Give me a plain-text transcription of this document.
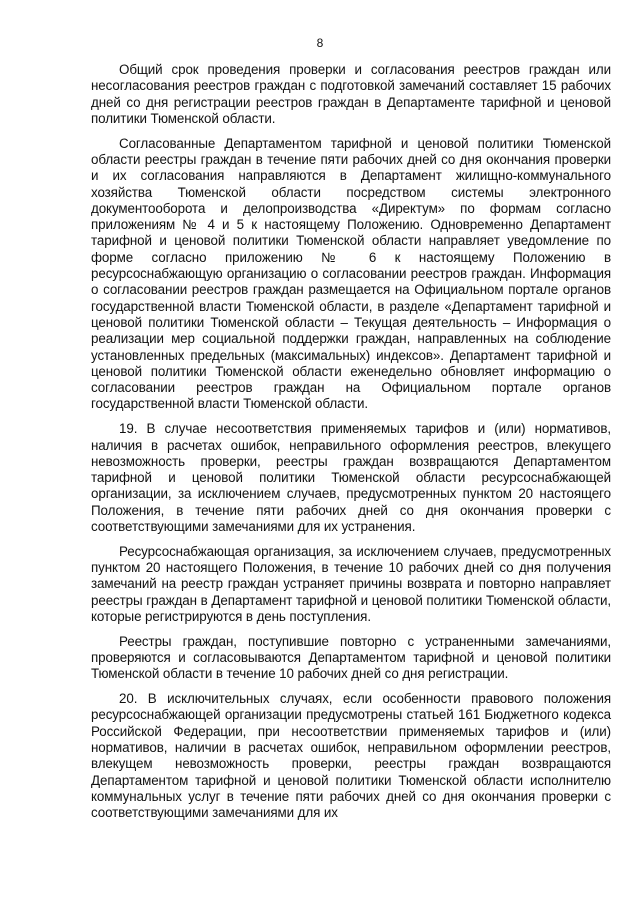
8

Общий срок проведения проверки и согласования реестров граждан или несогласования реестров граждан с подготовкой замечаний составляет 15 рабочих дней со дня регистрации реестров граждан в Департаменте тарифной и ценовой политики Тюменской области.

Согласованные Департаментом тарифной и ценовой политики Тюменской области реестры граждан в течение пяти рабочих дней со дня окончания проверки и их согласования направляются в Департамент жилищно-коммунального хозяйства Тюменской области посредством системы электронного документооборота и делопроизводства «Директум» по формам согласно приложениям № 4 и 5 к настоящему Положению. Одновременно Департамент тарифной и ценовой политики Тюменской области направляет уведомление по форме согласно приложению № 6 к настоящему Положению в ресурсоснабжающую организацию о согласовании реестров граждан. Информация о согласовании реестров граждан размещается на Официальном портале органов государственной власти Тюменской области, в разделе «Департамент тарифной и ценовой политики Тюменской области – Текущая деятельность – Информация о реализации мер социальной поддержки граждан, направленных на соблюдение установленных предельных (максимальных) индексов». Департамент тарифной и ценовой политики Тюменской области еженедельно обновляет информацию о согласовании реестров граждан на Официальном портале органов государственной власти Тюменской области.

19. В случае несоответствия применяемых тарифов и (или) нормативов, наличия в расчетах ошибок, неправильного оформления реестров, влекущего невозможность проверки, реестры граждан возвращаются Департаментом тарифной и ценовой политики Тюменской области ресурсоснабжающей организации, за исключением случаев, предусмотренных пунктом 20 настоящего Положения, в течение пяти рабочих дней со дня окончания проверки с соответствующими замечаниями для их устранения.

Ресурсоснабжающая организация, за исключением случаев, предусмотренных пунктом 20 настоящего Положения, в течение 10 рабочих дней со дня получения замечаний на реестр граждан устраняет причины возврата и повторно направляет реестры граждан в Департамент тарифной и ценовой политики Тюменской области, которые регистрируются в день поступления.

Реестры граждан, поступившие повторно с устраненными замечаниями, проверяются и согласовываются Департаментом тарифной и ценовой политики Тюменской области в течение 10 рабочих дней со дня регистрации.

20. В исключительных случаях, если особенности правового положения ресурсоснабжающей организации предусмотрены статьей 161 Бюджетного кодекса Российской Федерации, при несоответствии применяемых тарифов и (или) нормативов, наличии в расчетах ошибок, неправильном оформлении реестров, влекущем невозможность проверки, реестры граждан возвращаются Департаментом тарифной и ценовой политики Тюменской области исполнителю коммунальных услуг в течение пяти рабочих дней со дня окончания проверки с соответствующими замечаниями для их
